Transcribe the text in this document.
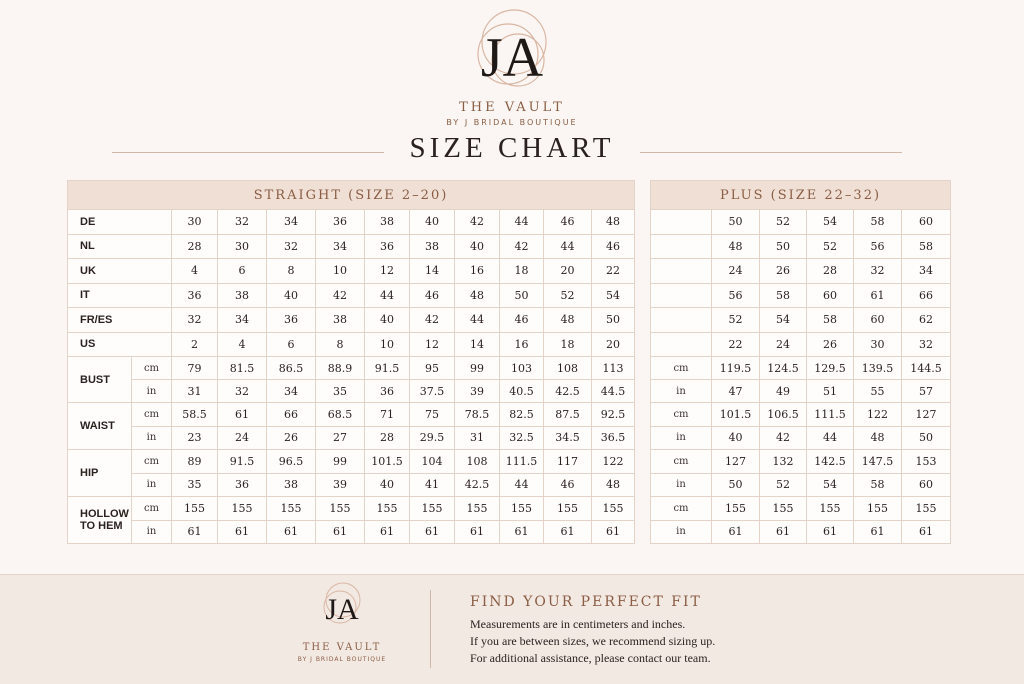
JA
THE VAULT
BY J BRIDAL BOUTIQUE
SIZE CHART
STRAIGHT (SIZE 2–20)											
DE		30	32	34	36	38	40	42	44	46	48
NL		28	30	32	34	36	38	40	42	44	46
UK		4	6	8	10	12	14	16	18	20	22
IT		36	38	40	42	44	46	48	50	52	54
FR/ES		32	34	36	38	40	42	44	46	48	50
US		2	4	6	8	10	12	14	16	18	20
BUST	cm	79	81.5	86.5	88.9	91.5	95	99	103	108	113
	in	31	32	34	35	36	37.5	39	40.5	42.5	44.5
WAIST	cm	58.5	61	66	68.5	71	75	78.5	82.5	87.5	92.5
	in	23	24	26	27	28	29.5	31	32.5	34.5	36.5
HIP	cm	89	91.5	96.5	99	101.5	104	108	111.5	117	122
	in	35	36	38	39	40	41	42.5	44	46	48
HOLLOW TO HEM	cm	155	155	155	155	155	155	155	155	155	155
	in	61	61	61	61	61	61	61	61	61	61
PLUS (SIZE 22–32)					
	50	52	54	58	60
	48	50	52	56	58
	24	26	28	32	34
	56	58	60	61	66
	52	54	58	60	62
	22	24	26	30	32
cm	119.5	124.5	129.5	139.5	144.5
in	47	49	51	55	57
cm	101.5	106.5	111.5	122	127
in	40	42	44	48	50
cm	127	132	142.5	147.5	153
in	50	52	54	58	60
cm	155	155	155	155	155
in	61	61	61	61	61
JA
THE VAULT
BY J BRIDAL BOUTIQUE
FIND YOUR PERFECT FIT
Measurements are in centimeters and inches.
If you are between sizes, we recommend sizing up.
For additional assistance, please contact our team.
